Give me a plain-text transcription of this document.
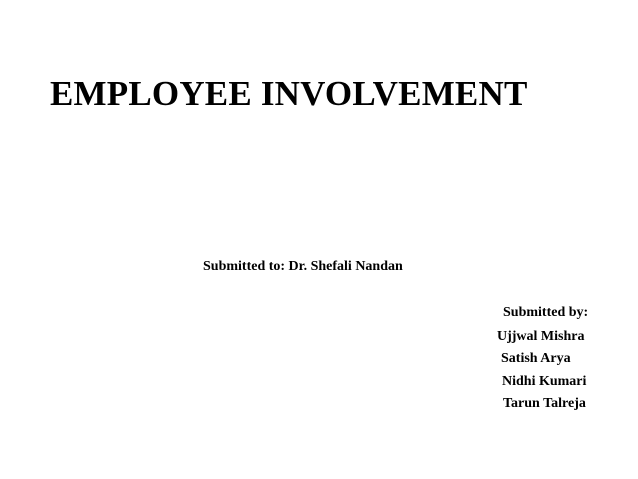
EMPLOYEE INVOLVEMENT
Submitted to: Dr. Shefali Nandan
Submitted by:
Ujjwal Mishra
Satish Arya
Nidhi Kumari
Tarun Talreja
